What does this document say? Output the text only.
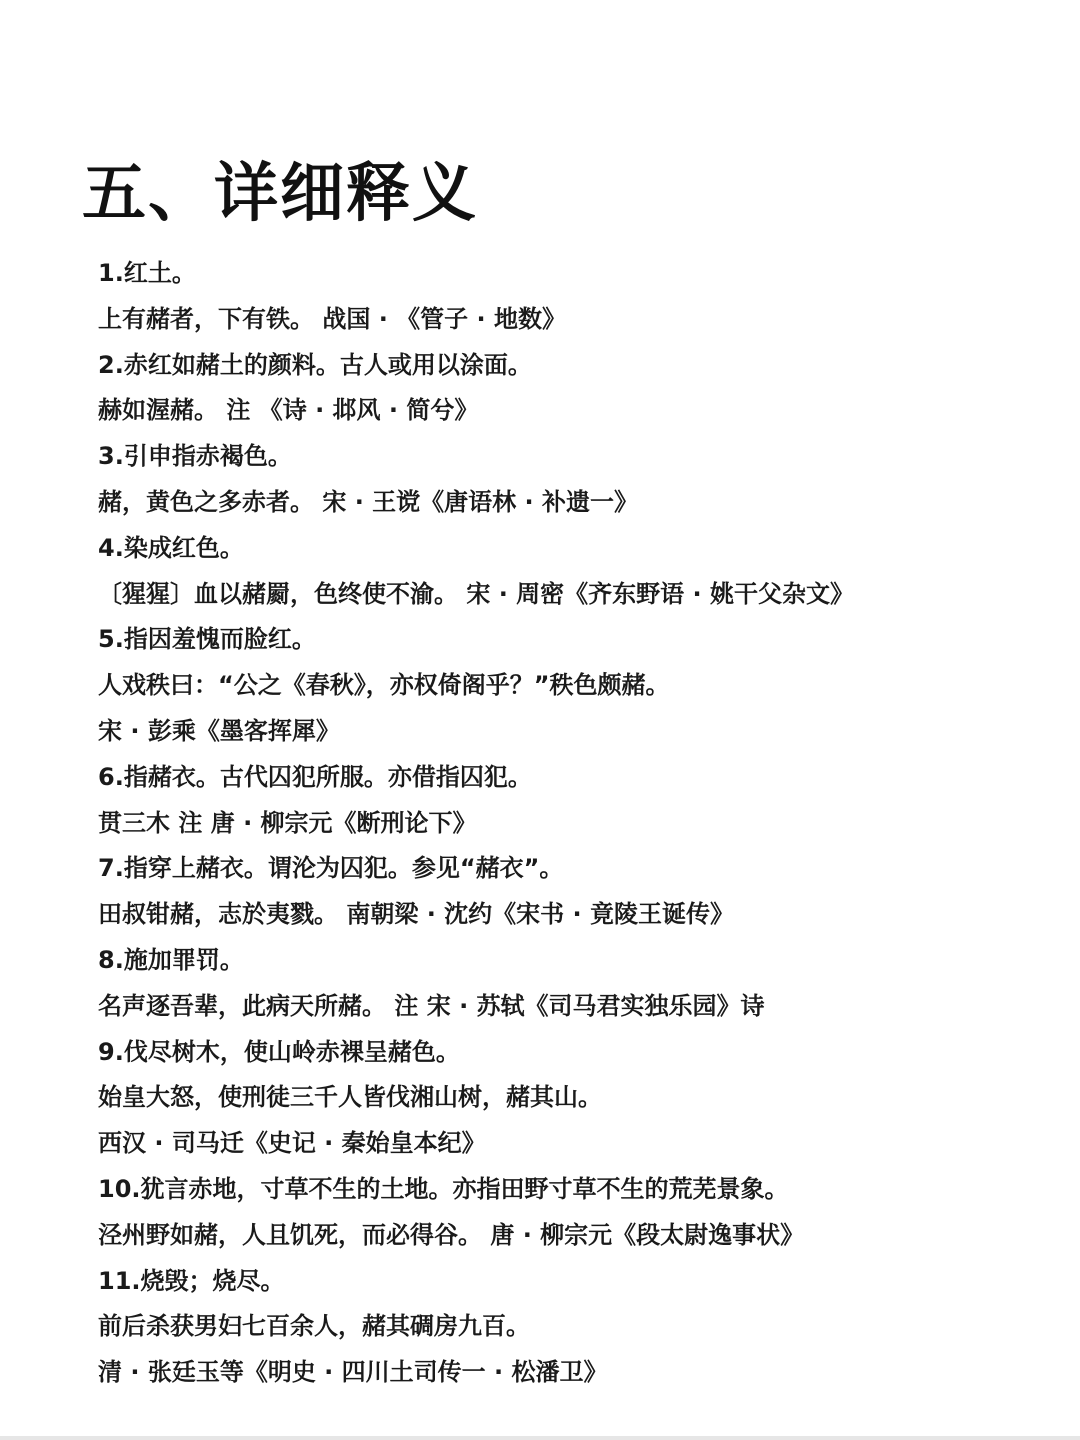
五、详细释义
1.红土。
上有赭者，下有铁。 战国 · 《管子 · 地数》
2.赤红如赭土的颜料。古人或用以涂面。
赫如渥赭。 注 《诗 · 邶风 · 简兮》
3.引申指赤褐色。
赭，黄色之多赤者。 宋 · 王谠《唐语林 · 补遗一》
4.染成红色。
〔猩猩〕血以赭罽，色终使不渝。 宋 · 周密《齐东野语 · 姚干父杂文》
5.指因羞愧而脸红。
人戏秩曰：“公之《春秋》，亦权倚阁乎？”秩色颇赭。
宋 · 彭乘《墨客挥犀》
6.指赭衣。古代囚犯所服。亦借指囚犯。
贯三木 注 唐 · 柳宗元《断刑论下》
7.指穿上赭衣。谓沦为囚犯。参见“赭衣”。
田叔钳赭，志於夷戮。 南朝梁 · 沈约《宋书 · 竟陵王诞传》
8.施加罪罚。
名声逐吾辈，此病天所赭。 注 宋 · 苏轼《司马君实独乐园》诗
9.伐尽树木，使山岭赤裸呈赭色。
始皇大怒，使刑徒三千人皆伐湘山树，赭其山。
西汉 · 司马迁《史记 · 秦始皇本纪》
10.犹言赤地，寸草不生的土地。亦指田野寸草不生的荒芜景象。
泾州野如赭，人且饥死，而必得谷。 唐 · 柳宗元《段太尉逸事状》
11.烧毁；烧尽。
前后杀获男妇七百余人，赭其碉房九百。
清 · 张廷玉等《明史 · 四川土司传一 · 松潘卫》
